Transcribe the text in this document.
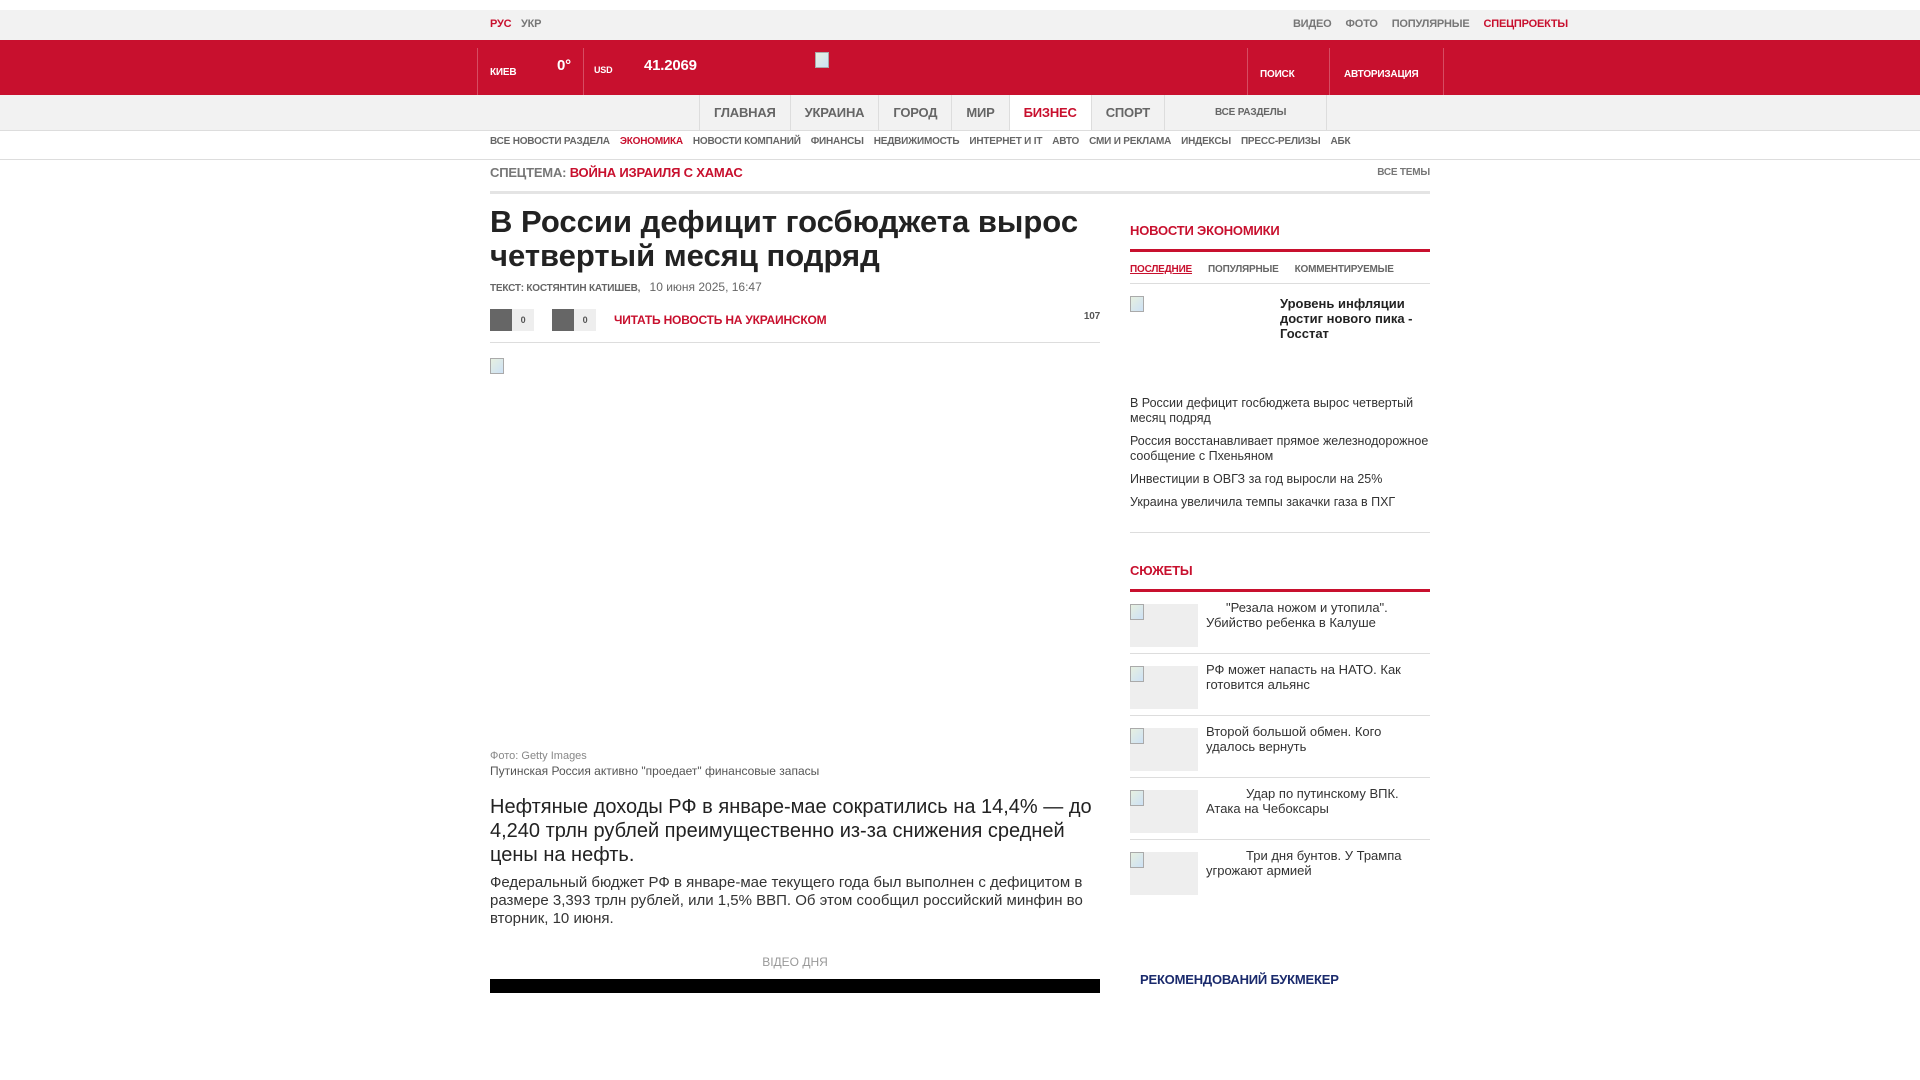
РУС УКР	ВИДЕО ФОТО ПОПУЛЯРНЫЕ СПЕЦПРОЕКТЫ
КИЕВ	0°	USD 41.2069
ПОИСК	АВТОРИЗАЦИЯ
ГЛАВНАЯ	УКРАИНА	ГОРОД	МИР	БИЗНЕС	СПОРТ	ВСЕ РАЗДЕЛЫ
ВСЕ НОВОСТИ РАЗДЕЛА ЭКОНОМИКА НОВОСТИ КОМПАНИЙ ФИНАНСЫ НЕДВИЖИМОСТЬ ИНТЕРНЕТ И IT АВТО СМИ И РЕКЛАМА ИНДЕКСЫ ПРЕСС-РЕЛИЗЫ АБК
СПЕЦТЕМА: ВОЙНА ИЗРАИЛЯ С ХАМАС	ВСЕ ТЕМЫ
В России дефицит госбюджета вырос четвертый месяц подряд
ТЕКСТ: КОСТЯНТИН КАТИШЕВ, 10 июня 2025, 16:47
0	0	ЧИТАТЬ НОВОСТЬ НА УКРАИНСКОМ	107
Фото: Getty Images
Путинская Россия активно "проедает" финансовые запасы
Нефтяные доходы РФ в январе-мае сократились на 14,4% — до 4,240 трлн рублей преимущественно из-за снижения средней цены на нефть.
Федеральный бюджет РФ в январе-мае текущего года был выполнен с дефицитом в размере 3,393 трлн рублей, или 1,5% ВВП. Об этом сообщил российский минфин во вторник, 10 июня.
ВІДЕО ДНЯ
НОВОСТИ ЭКОНОМИКИ
ПОСЛЕДНИЕ ПОПУЛЯРНЫЕ КОММЕНТИРУЕМЫЕ
Уровень инфляции достиг нового пика - Госстат
В России дефицит госбюджета вырос четвертый месяц подряд
Россия восстанавливает прямое железнодорожное сообщение с Пхеньяном
Инвестиции в ОВГЗ за год выросли на 25%
Украина увеличила темпы закачки газа в ПХГ
СЮЖЕТЫ
"Резала ножом и утопила". Убийство ребенка в Калуше
РФ может напасть на НАТО. Как готовится альянс
Второй большой обмен. Кого удалось вернуть
Удар по путинскому ВПК. Атака на Чебоксары
Три дня бунтов. У Трампа угрожают армией
РЕКОМЕНДОВАНИЙ БУКМЕКЕР
